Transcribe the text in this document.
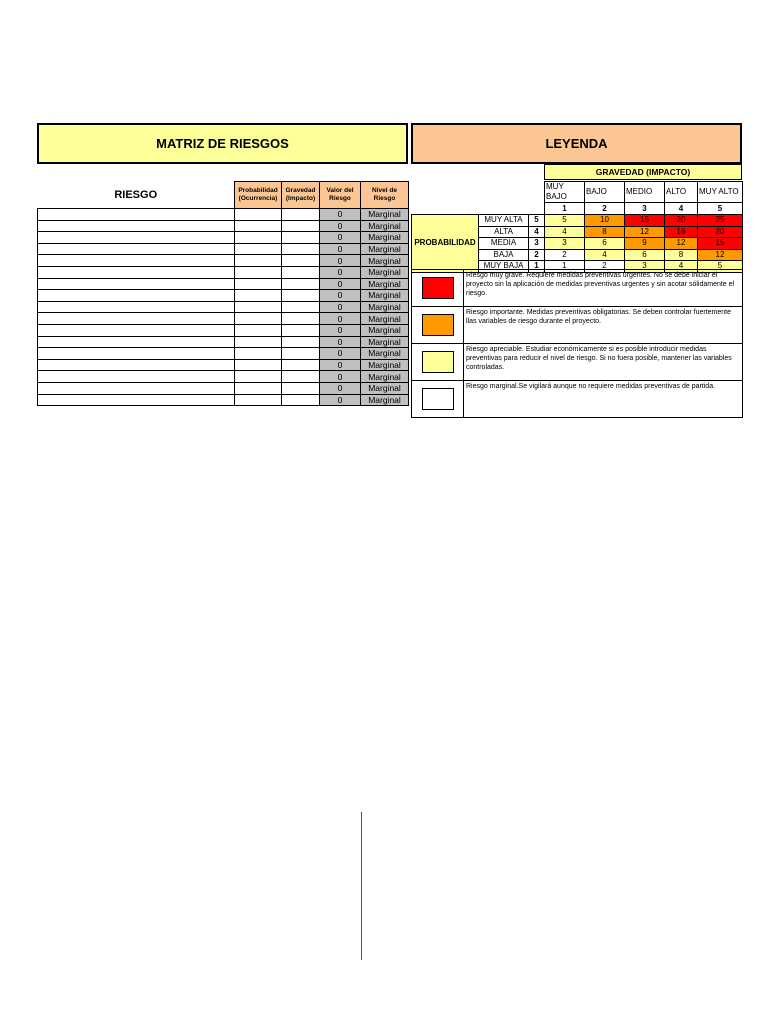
MATRIZ DE RIESGOS	LEYENDA
RIESGO	Probabilidad (Ocurrencia)	Gravedad (Impacto)	Valor del Riesgo	Nivel de Riesgo
			0	Marginal
			0	Marginal
			0	Marginal
			0	Marginal
			0	Marginal
			0	Marginal
			0	Marginal
			0	Marginal
			0	Marginal
			0	Marginal
			0	Marginal
			0	Marginal
			0	Marginal
			0	Marginal
			0	Marginal
			0	Marginal
			0	Marginal
GRAVEDAD (IMPACTO)
			MUY BAJO	BAJO	MEDIO	ALTO	MUY ALTO
			1	2	3	4	5
PROBABILIDAD	MUY ALTA	5	5	10	15	20	25
	ALTA	4	4	8	12	16	20
	MEDIA	3	3	6	9	12	15
	BAJA	2	2	4	6	8	12
	MUY BAJA	1	1	2	3	4	5
	Riesgo muy grave. Requiere medidas preventivas urgentes. No se debe iniciar el proyecto sin la aplicación de medidas preventivas urgentes y sin acotar sólidamente el riesgo.
	Riesgo importante. Medidas preventivas obligatorias. Se deben controlar fuertemente llas variables de riesgo durante el proyecto.
	Riesgo apreciable. Estudiar económicamente si es posible introducir medidas preventivas para reducir el nivel de riesgo. Si no fuera posible, mantener las variables controladas.
	Riesgo marginal.Se vigilará aunque no requiere medidas preventivas de partida.
